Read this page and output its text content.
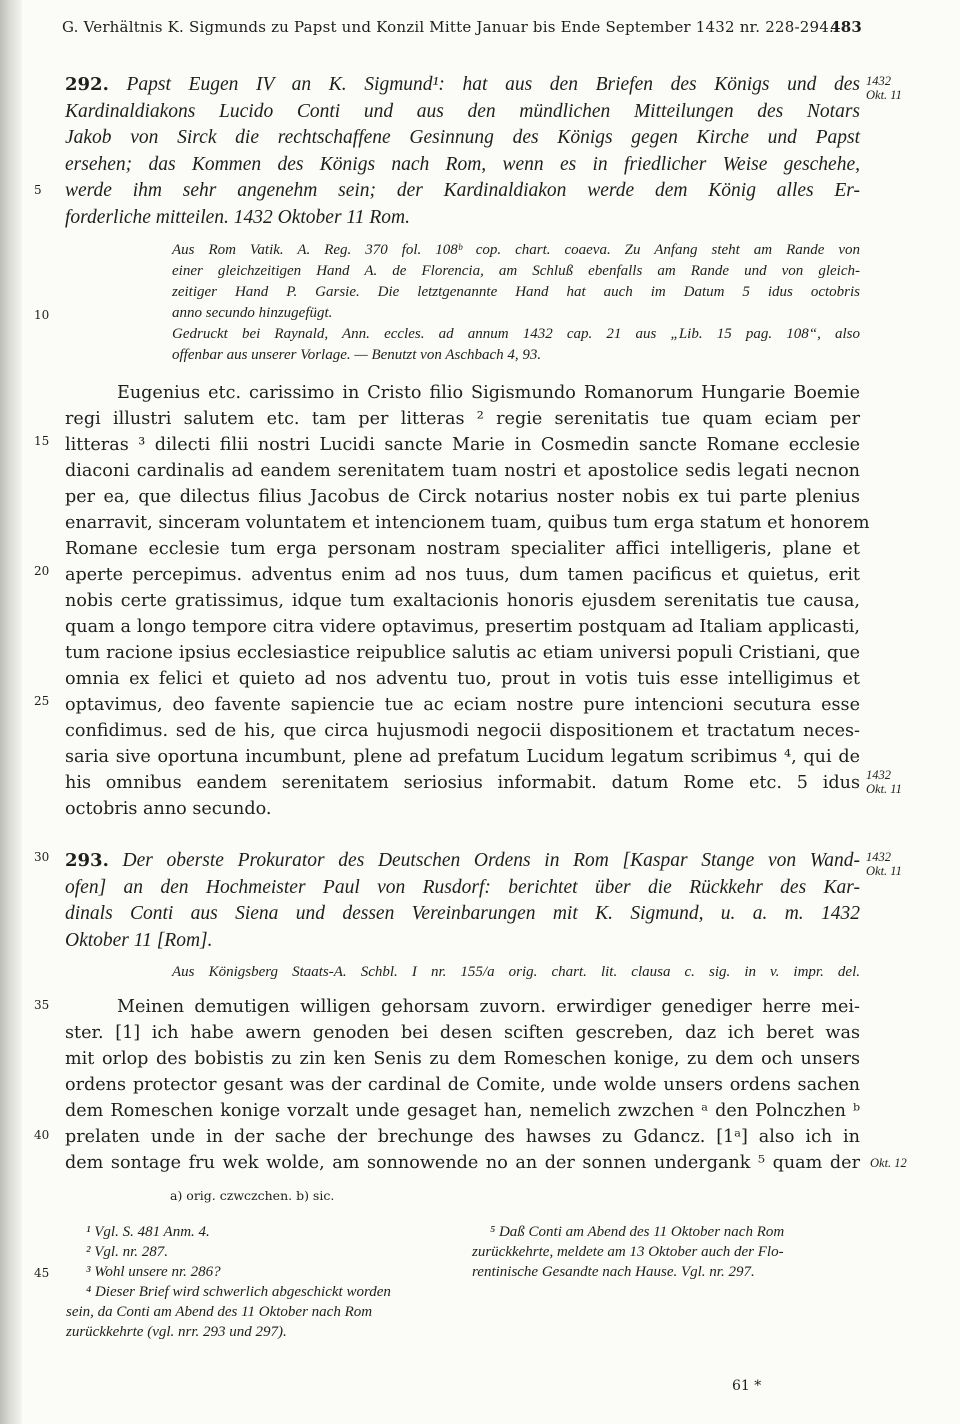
G. Verhältnis K. Sigmunds zu Papst und Konzil Mitte Januar bis Ende September 1432 nr. 228-294.
483
5
10
15
20
25
30
35
40
45
292. Papst Eugen IV an K. Sigmund¹: hat aus den Briefen des Königs und des
Kardinaldiakons Lucido Conti und aus den mündlichen Mitteilungen des Notars
Jakob von Sirck die rechtschaffene Gesinnung des Königs gegen Kirche und Papst
ersehen; das Kommen des Königs nach Rom, wenn es in friedlicher Weise geschehe,
werde ihm sehr angenehm sein; der Kardinaldiakon werde dem König alles Er-
forderliche mitteilen. 1432 Oktober 11 Rom.
1432
Okt. 11
Aus Rom Vatik. A. Reg. 370 fol. 108ᵇ cop. chart. coaeva. Zu Anfang steht am Rande von
einer gleichzeitigen Hand A. de Florencia, am Schluß ebenfalls am Rande und von gleich-
zeitiger Hand P. Garsie. Die letztgenannte Hand hat auch im Datum 5 idus octobris
anno secundo hinzugefügt.
Gedruckt bei Raynald, Ann. eccles. ad annum 1432 cap. 21 aus „Lib. 15 pag. 108“, also
offenbar aus unserer Vorlage. — Benutzt von Aschbach 4, 93.
Eugenius etc. carissimo in Cristo filio Sigismundo Romanorum Hungarie Boemie
regi illustri salutem etc. tam per litteras ² regie serenitatis tue quam eciam per
litteras ³ dilecti filii nostri Lucidi sancte Marie in Cosmedin sancte Romane ecclesie
diaconi cardinalis ad eandem serenitatem tuam nostri et apostolice sedis legati necnon
per ea, que dilectus filius Jacobus de Circk notarius noster nobis ex tui parte plenius
enarravit, sinceram voluntatem et intencionem tuam, quibus tum erga statum et honorem
Romane ecclesie tum erga personam nostram specialiter affici intelligeris, plane et
aperte percepimus. adventus enim ad nos tuus, dum tamen pacificus et quietus, erit
nobis certe gratissimus, idque tum exaltacionis honoris ejusdem serenitatis tue causa,
quam a longo tempore citra videre optavimus, presertim postquam ad Italiam applicasti,
tum racione ipsius ecclesiastice reipublice salutis ac etiam universi populi Cristiani, que
omnia ex felici et quieto ad nos adventu tuo, prout in votis tuis esse intelligimus et
optavimus, deo favente sapiencie tue ac eciam nostre pure intencioni secutura esse
confidimus. sed de his, que circa hujusmodi negocii dispositionem et tractatum neces-
saria sive oportuna incumbunt, plene ad prefatum Lucidum legatum scribimus ⁴, qui de
his omnibus eandem serenitatem seriosius informabit. datum Rome etc. 5 idus
octobris anno secundo.
1432
Okt. 11
293. Der oberste Prokurator des Deutschen Ordens in Rom [Kaspar Stange von Wand-
ofen] an den Hochmeister Paul von Rusdorf: berichtet über die Rückkehr des Kar-
dinals Conti aus Siena und dessen Vereinbarungen mit K. Sigmund, u. a. m. 1432
Oktober 11 [Rom].
1432
Okt. 11
Aus Königsberg Staats-A. Schbl. I nr. 155/a orig. chart. lit. clausa c. sig. in v. impr. del.
Meinen demutigen willigen gehorsam zuvorn. erwirdiger genediger herre mei-
ster. [1] ich habe awern genoden bei desen sciften gescreben, daz ich beret was
mit orlop des bobistis zu zin ken Senis zu dem Romeschen konige, zu dem och unsers
ordens protector gesant was der cardinal de Comite, unde wolde unsers ordens sachen
dem Romeschen konige vorzalt unde gesaget han, nemelich zwzchen ᵃ den Polnczhen ᵇ
prelaten unde in der sache der brechunge des hawses zu Gdancz. [1ᵃ] also ich in
dem sontage fru wek wolde, am sonnowende no an der sonnen undergank ⁵ quam der Okt. 12
a) orig. czwczchen. b) sic.
¹ Vgl. S. 481 Anm. 4.
² Vgl. nr. 287.
³ Wohl unsere nr. 286?
⁴ Dieser Brief wird schwerlich abgeschickt worden
sein, da Conti am Abend des 11 Oktober nach Rom
zurückkehrte (vgl. nrr. 293 und 297).
⁵ Daß Conti am Abend des 11 Oktober nach Rom
zurückkehrte, meldete am 13 Oktober auch der Flo-
rentinische Gesandte nach Hause. Vgl. nr. 297.
61 *
